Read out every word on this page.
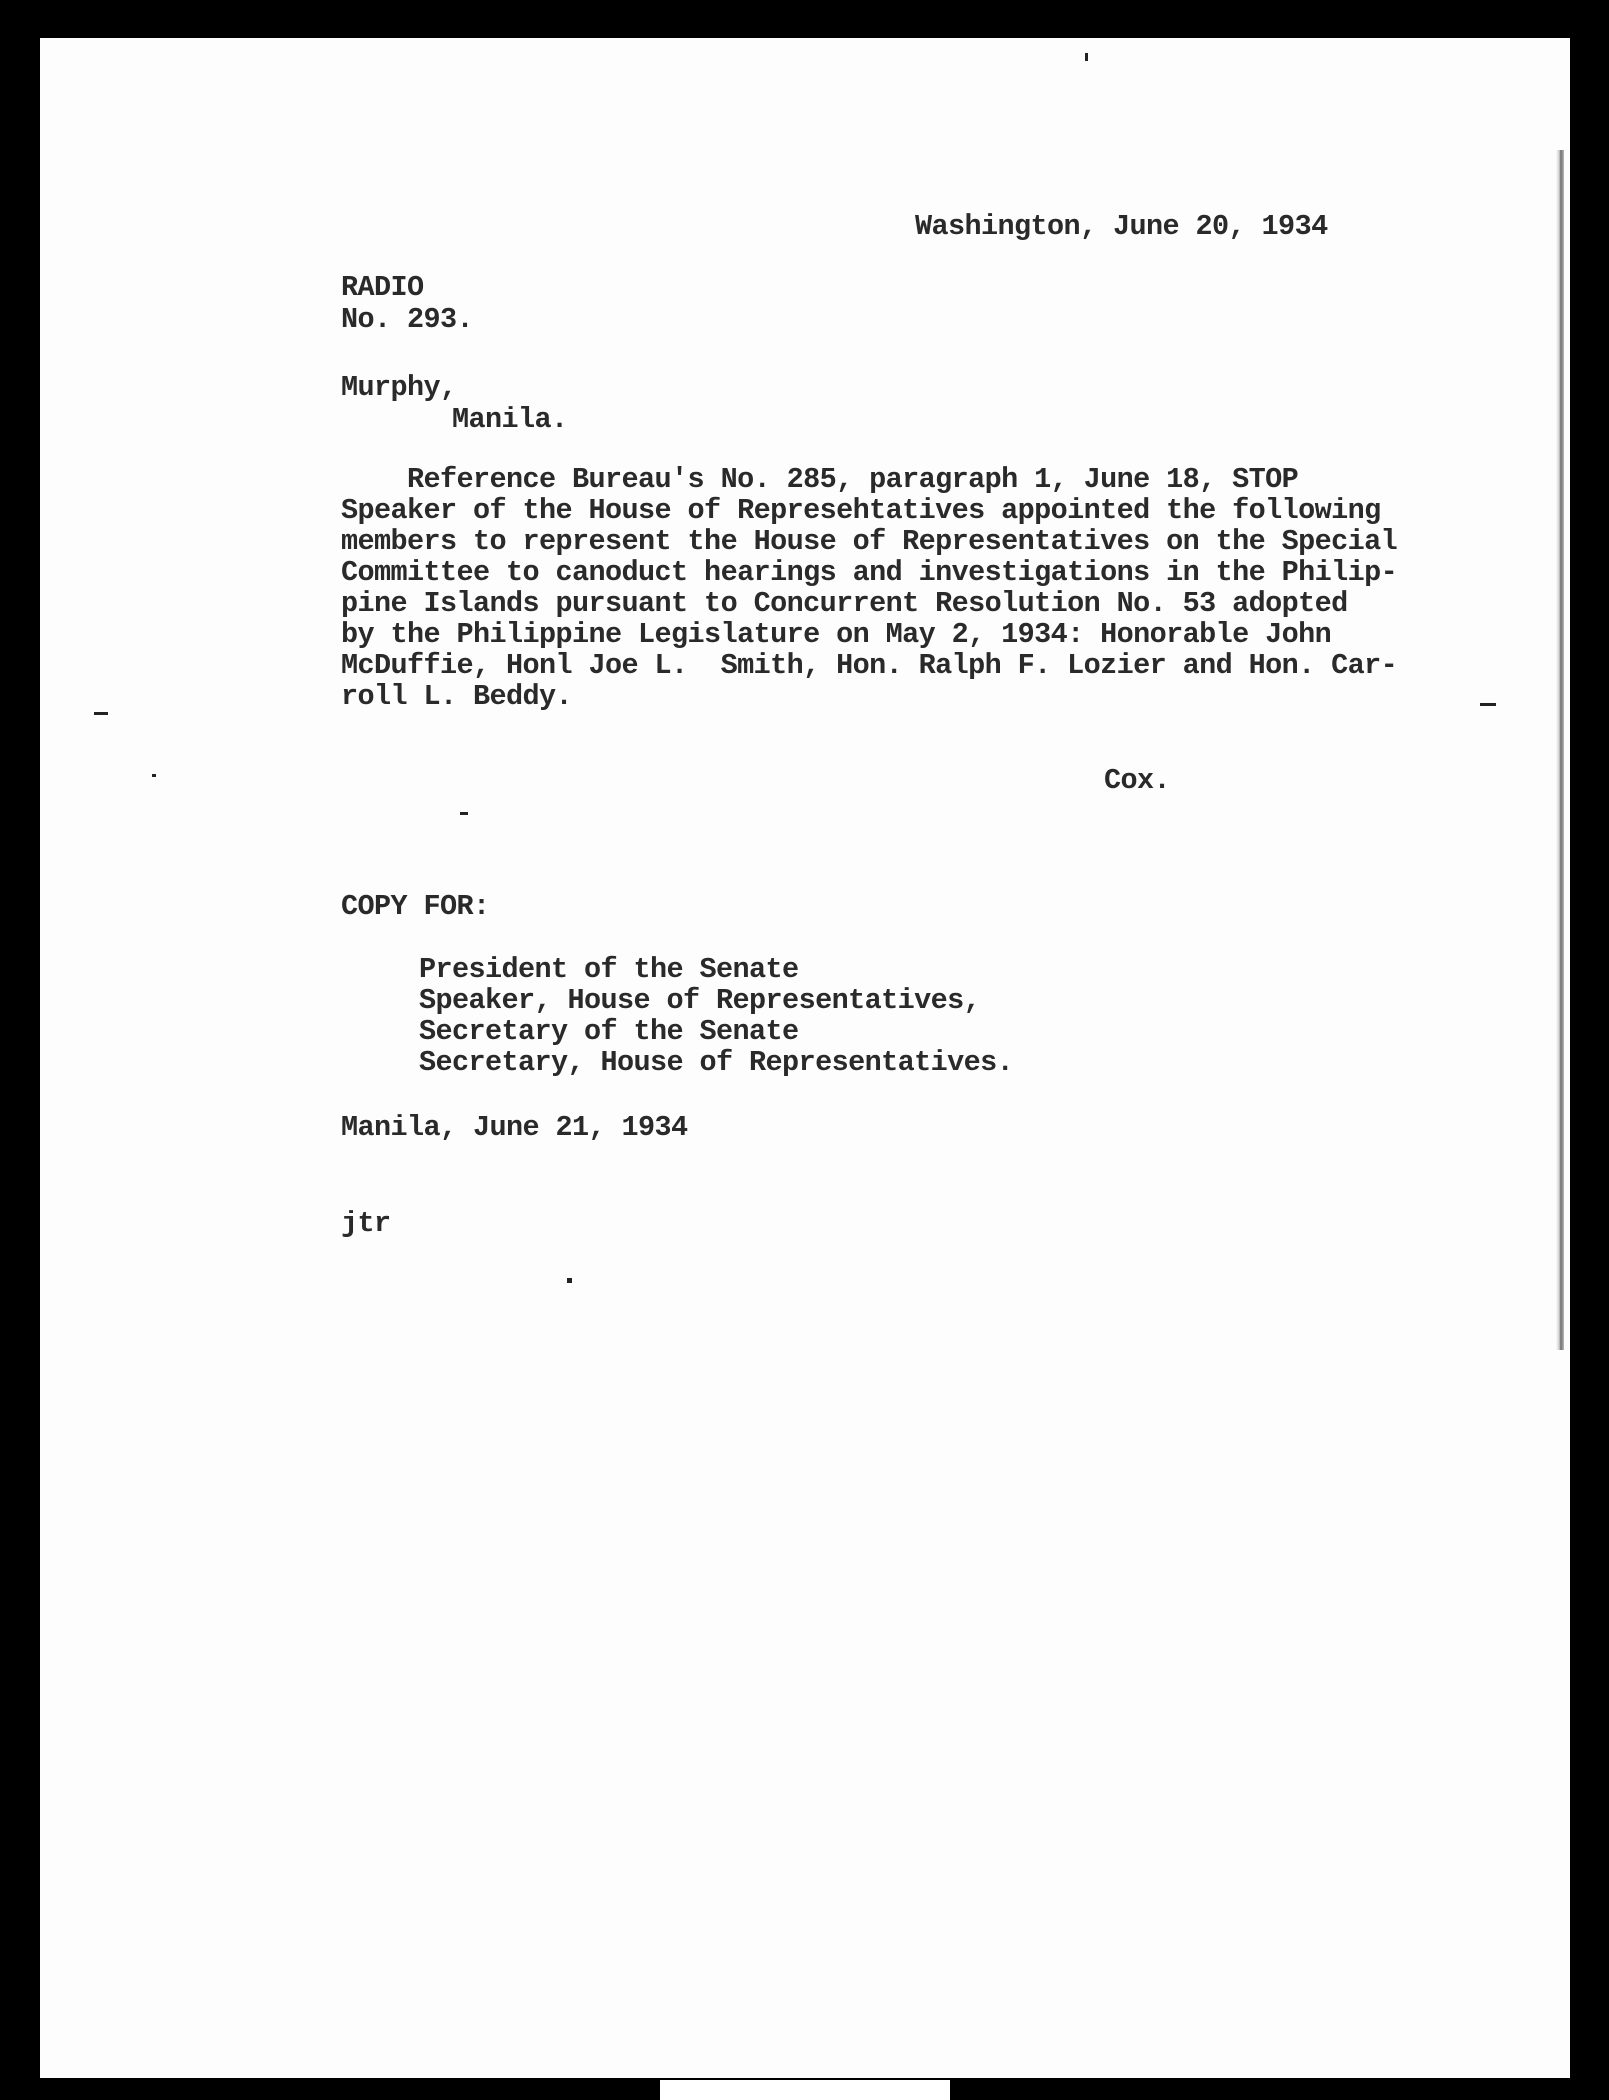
Washington, June 20, 1934
RADIO
No. 293.
Murphy,
Manila.
Reference Bureau's No. 285, paragraph 1, June 18, STOP
Speaker of the House of Represehtatives appointed the following
members to represent the House of Representatives on the Special
Committee to canoduct hearings and investigations in the Philip-
pine Islands pursuant to Concurrent Resolution No. 53 adopted
by the Philippine Legislature on May 2, 1934: Honorable John
McDuffie, Honl Joe L.  Smith, Hon. Ralph F. Lozier and Hon. Car-
roll L. Beddy.
Cox.
COPY FOR:
President of the Senate
Speaker, House of Representatives,
Secretary of the Senate
Secretary, House of Representatives.
Manila, June 21, 1934
jtr
